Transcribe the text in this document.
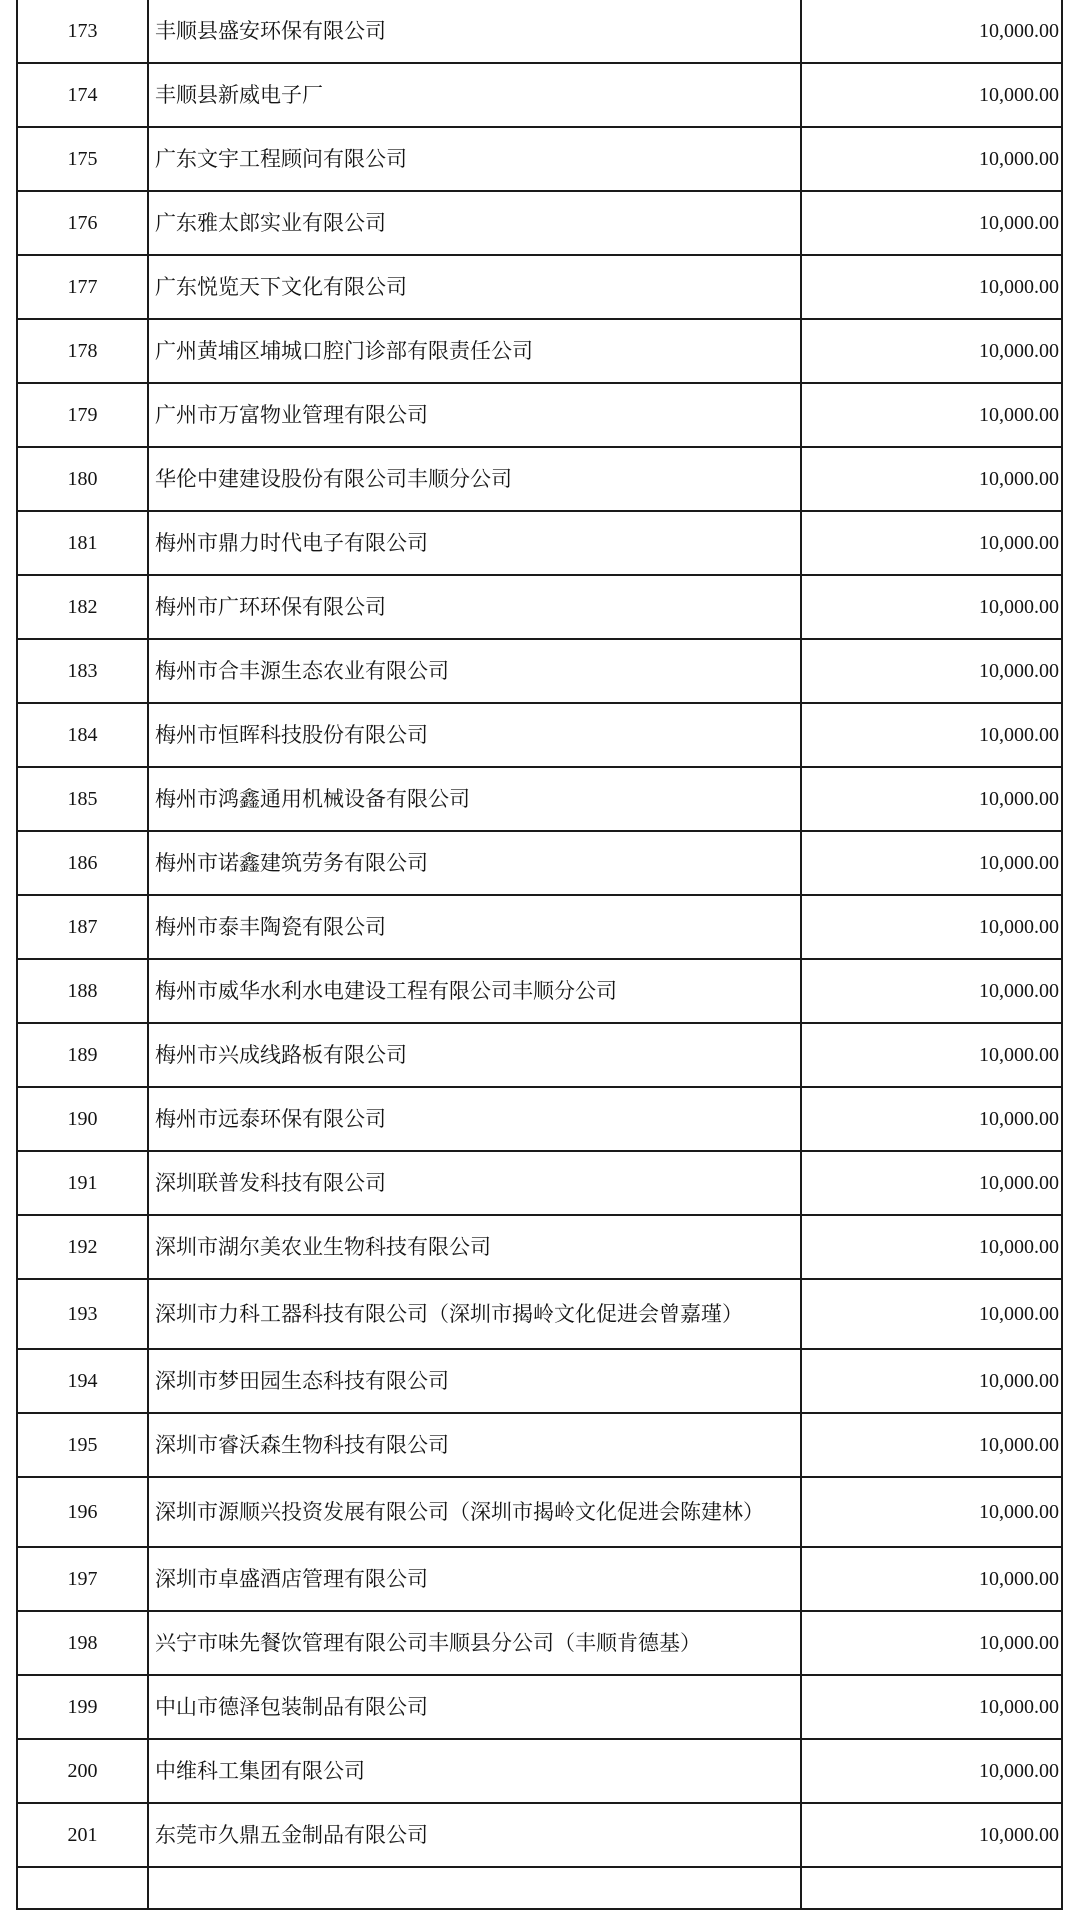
173	丰顺县盛安环保有限公司	10,000.00
174	丰顺县新威电子厂	10,000.00
175	广东文宇工程顾问有限公司	10,000.00
176	广东雅太郎实业有限公司	10,000.00
177	广东悦览天下文化有限公司	10,000.00
178	广州黄埔区埔城口腔门诊部有限责任公司	10,000.00
179	广州市万富物业管理有限公司	10,000.00
180	华伦中建建设股份有限公司丰顺分公司	10,000.00
181	梅州市鼎力时代电子有限公司	10,000.00
182	梅州市广环环保有限公司	10,000.00
183	梅州市合丰源生态农业有限公司	10,000.00
184	梅州市恒晖科技股份有限公司	10,000.00
185	梅州市鸿鑫通用机械设备有限公司	10,000.00
186	梅州市诺鑫建筑劳务有限公司	10,000.00
187	梅州市泰丰陶瓷有限公司	10,000.00
188	梅州市威华水利水电建设工程有限公司丰顺分公司	10,000.00
189	梅州市兴成线路板有限公司	10,000.00
190	梅州市远泰环保有限公司	10,000.00
191	深圳联普发科技有限公司	10,000.00
192	深圳市湖尔美农业生物科技有限公司	10,000.00
193	深圳市力科工器科技有限公司（深圳市揭岭文化促进会曾嘉瑾）	10,000.00
194	深圳市梦田园生态科技有限公司	10,000.00
195	深圳市睿沃森生物科技有限公司	10,000.00
196	深圳市源顺兴投资发展有限公司（深圳市揭岭文化促进会陈建林）	10,000.00
197	深圳市卓盛酒店管理有限公司	10,000.00
198	兴宁市味先餐饮管理有限公司丰顺县分公司（丰顺肯德基）	10,000.00
199	中山市德泽包装制品有限公司	10,000.00
200	中维科工集团有限公司	10,000.00
201	东莞市久鼎五金制品有限公司	10,000.00
